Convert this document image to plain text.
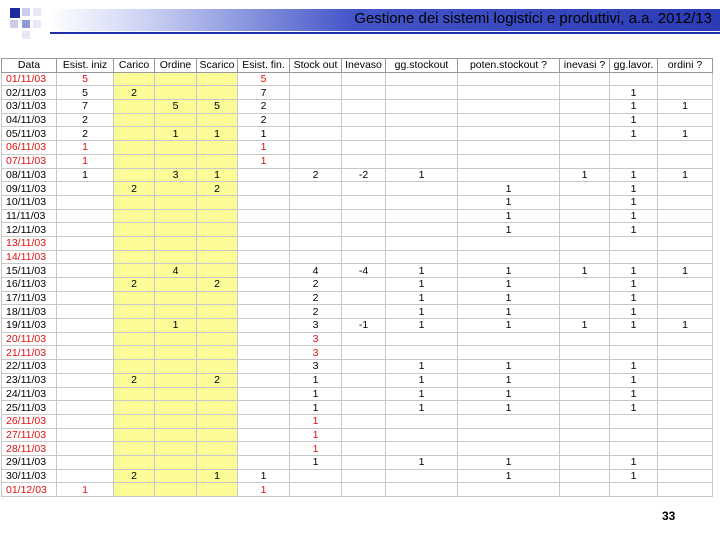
Gestione dei sistemi logistici e produttivi, a.a. 2012/13
Data	Esist. iniz	Carico	Ordine	Scarico	Esist. fin.	Stock out	Inevaso	gg.stockout	poten.stockout ?	inevasi ?	gg.lavor.	ordini ?
01/11/03	5				5							
02/11/03	5	2			7						1	
03/11/03	7		5	5	2						1	1
04/11/03	2				2						1	
05/11/03	2		1	1	1						1	1
06/11/03	1				1							
07/11/03	1				1							
08/11/03	1		3	1		2	-2	1		1	1	1
09/11/03		2		2					1		1	
10/11/03									1		1	
11/11/03									1		1	
12/11/03									1		1	
13/11/03												
14/11/03												
15/11/03			4			4	-4	1	1	1	1	1
16/11/03		2		2		2		1	1		1	
17/11/03						2		1	1		1	
18/11/03						2		1	1		1	
19/11/03			1			3	-1	1	1	1	1	1
20/11/03						3						
21/11/03						3						
22/11/03						3		1	1		1	
23/11/03		2		2		1		1	1		1	
24/11/03						1		1	1		1	
25/11/03						1		1	1		1	
26/11/03						1						
27/11/03						1						
28/11/03						1						
29/11/03						1		1	1		1	
30/11/03		2		1	1				1		1	
01/12/03	1				1							
33
